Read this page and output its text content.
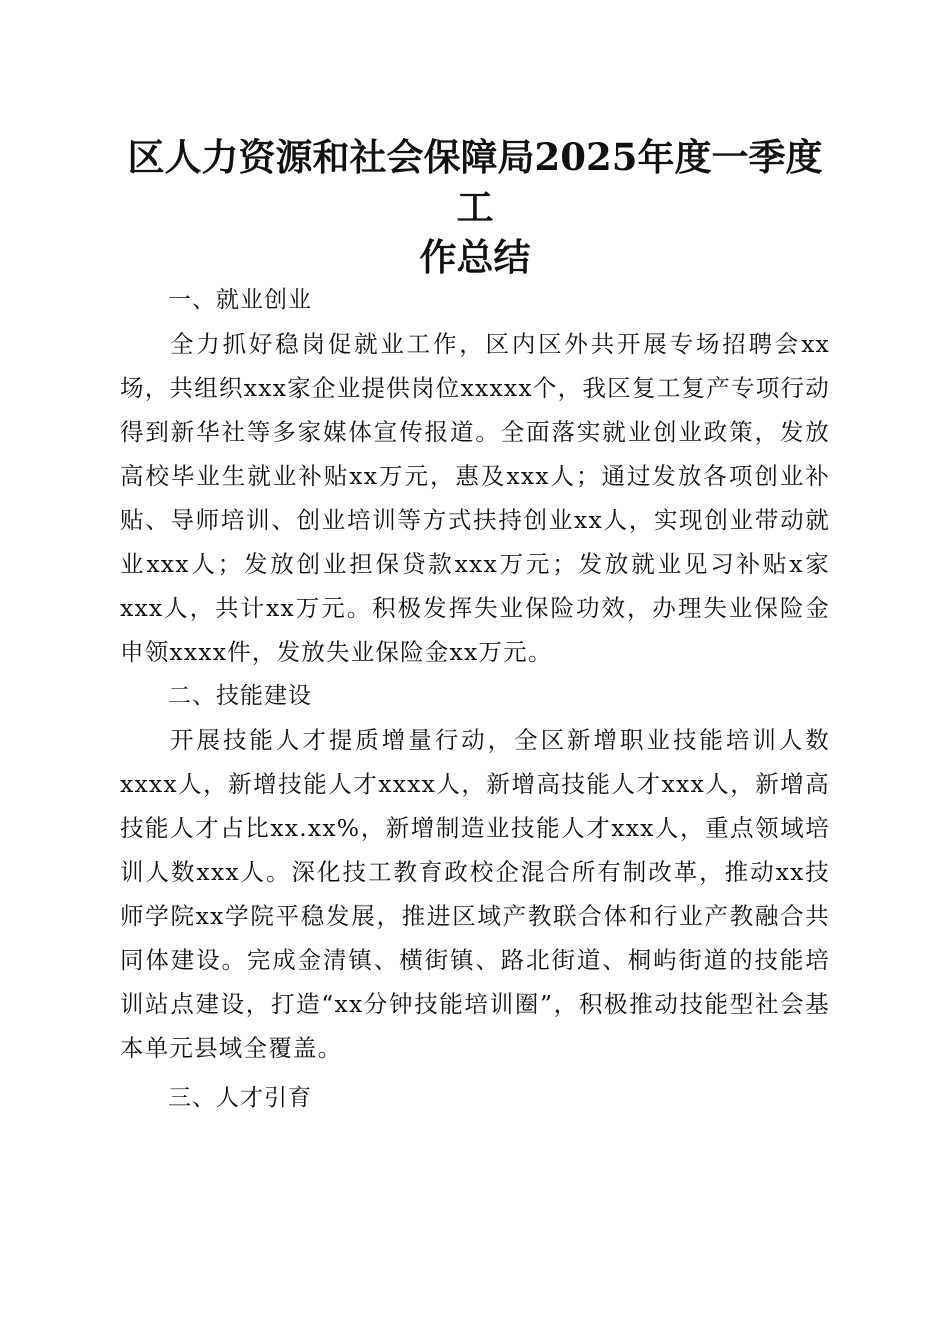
区人力资源和社会保障局2025年度一季度工
作总结

一、就业创业

全力抓好稳岗促就业工作，区内区外共开展专场招聘会xx场，共组织xxx家企业提供岗位xxxxx个，我区复工复产专项行动得到新华社等多家媒体宣传报道。全面落实就业创业政策，发放高校毕业生就业补贴xx万元，惠及xxx人；通过发放各项创业补贴、导师培训、创业培训等方式扶持创业xx人，实现创业带动就业xxx人；发放创业担保贷款xxx万元；发放就业见习补贴x家xxx人，共计xx万元。积极发挥失业保险功效，办理失业保险金申领xxxx件，发放失业保险金xx万元。

二、技能建设

开展技能人才提质增量行动，全区新增职业技能培训人数xxxx人，新增技能人才xxxx人，新增高技能人才xxx人，新增高技能人才占比xx.xx%，新增制造业技能人才xxx人，重点领域培训人数xxx人。深化技工教育政校企混合所有制改革，推动xx技师学院xx学院平稳发展，推进区域产教联合体和行业产教融合共同体建设。完成金清镇、横街镇、路北街道、桐屿街道的技能培训站点建设，打造“xx分钟技能培训圈”，积极推动技能型社会基本单元县域全覆盖。

三、人才引育
